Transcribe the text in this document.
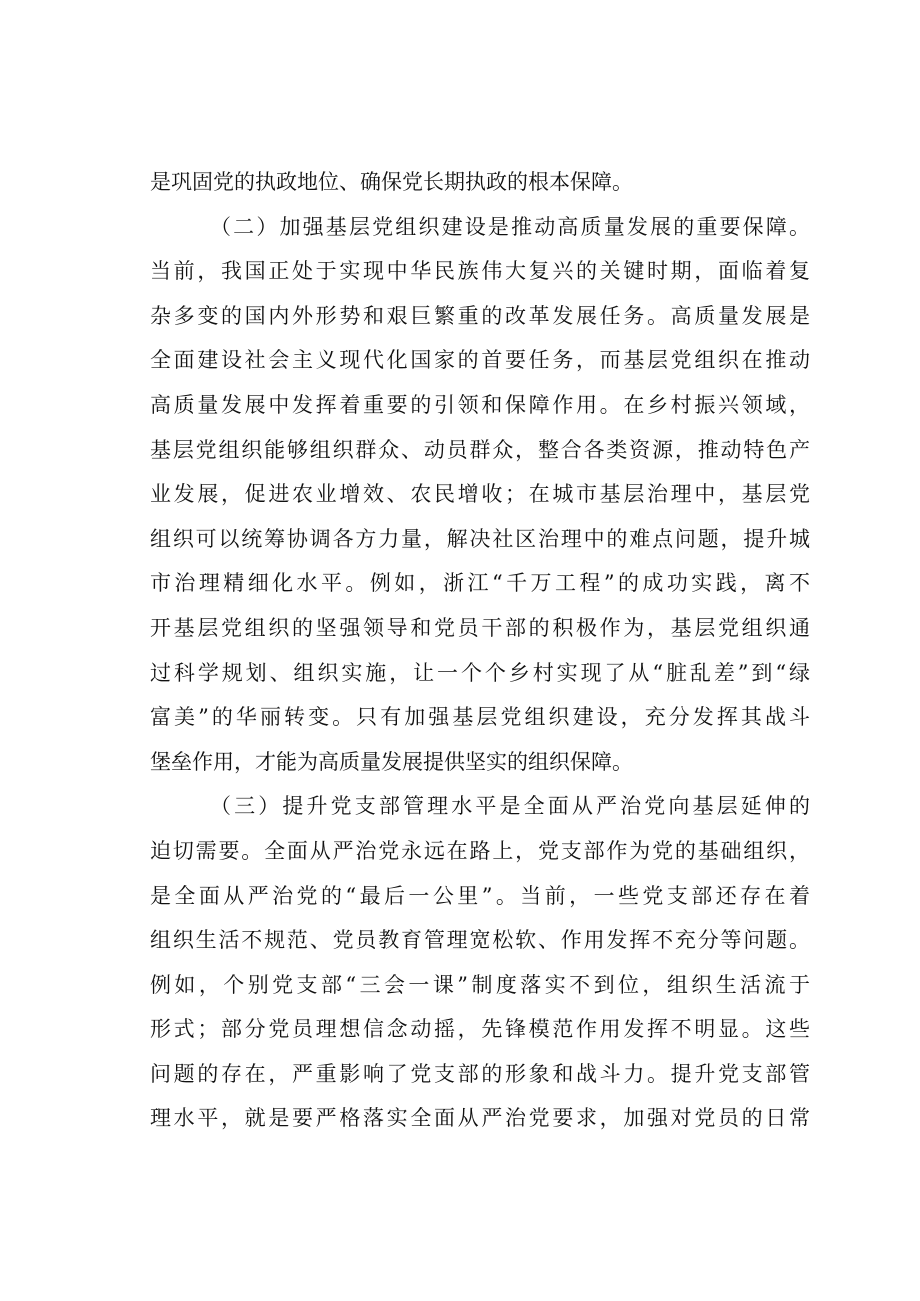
是巩固党的执政地位、确保党长期执政的根本保障。
（二）加强基层党组织建设是推动高质量发展的重要保障。
当前，我国正处于实现中华民族伟大复兴的关键时期，面临着复
杂多变的国内外形势和艰巨繁重的改革发展任务。高质量发展是
全面建设社会主义现代化国家的首要任务，而基层党组织在推动
高质量发展中发挥着重要的引领和保障作用。在乡村振兴领域，
基层党组织能够组织群众、动员群众，整合各类资源，推动特色产
业发展，促进农业增效、农民增收；在城市基层治理中，基层党
组织可以统筹协调各方力量，解决社区治理中的难点问题，提升城
市治理精细化水平。例如，浙江“千万工程”的成功实践，离不
开基层党组织的坚强领导和党员干部的积极作为，基层党组织通
过科学规划、组织实施，让一个个乡村实现了从“脏乱差”到“绿
富美”的华丽转变。只有加强基层党组织建设，充分发挥其战斗
堡垒作用，才能为高质量发展提供坚实的组织保障。
（三）提升党支部管理水平是全面从严治党向基层延伸的
迫切需要。全面从严治党永远在路上，党支部作为党的基础组织，
是全面从严治党的“最后一公里”。当前，一些党支部还存在着
组织生活不规范、党员教育管理宽松软、作用发挥不充分等问题。
例如，个别党支部“三会一课”制度落实不到位，组织生活流于
形式；部分党员理想信念动摇，先锋模范作用发挥不明显。这些
问题的存在，严重影响了党支部的形象和战斗力。提升党支部管
理水平，就是要严格落实全面从严治党要求，加强对党员的日常
